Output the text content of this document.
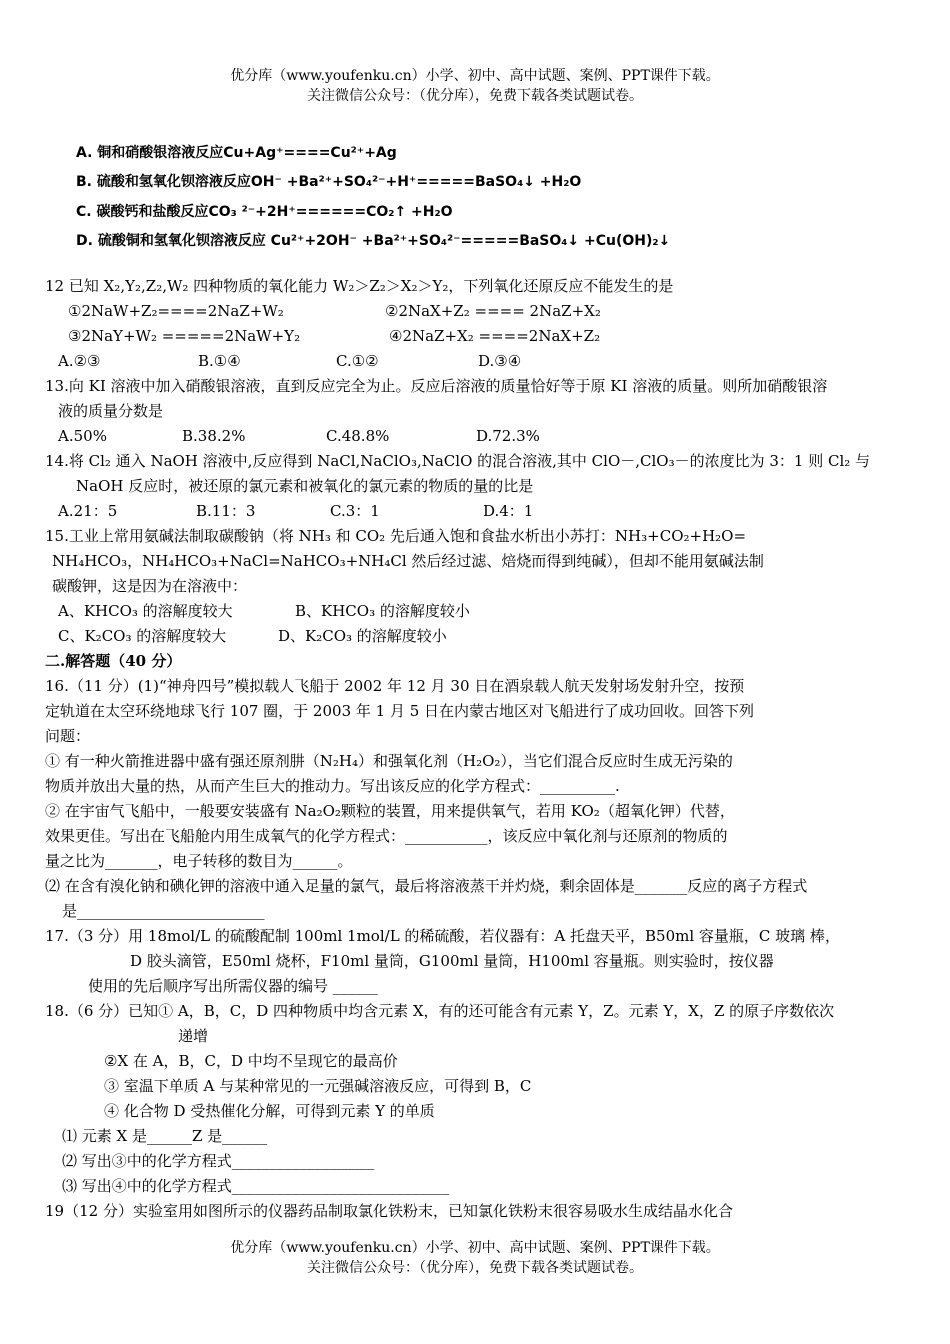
优分库（www.youfenku.cn）小学、初中、高中试题、案例、PPT课件下载。
关注微信公众号：（优分库），免费下载各类试题试卷。
A. 铜和硝酸银溶液反应Cu+Ag⁺====Cu²⁺+Ag
B. 硫酸和氢氧化钡溶液反应OH⁻ +Ba²⁺+SO₄²⁻+H⁺=====BaSO₄↓ +H₂O
C. 碳酸钙和盐酸反应CO₃ ²⁻+2H⁺======CO₂↑ +H₂O
D. 硫酸铜和氢氧化钡溶液反应 Cu²⁺+2OH⁻ +Ba²⁺+SO₄²⁻=====BaSO₄↓ +Cu(OH)₂↓
12 已知 X₂,Y₂,Z₂,W₂ 四种物质的氧化能力 W₂＞Z₂＞X₂＞Y₂，下列氧化还原反应不能发生的是
①2NaW+Z₂====2NaZ+W₂	②2NaX+Z₂ ==== 2NaZ+X₂
③2NaY+W₂ =====2NaW+Y₂	④2NaZ+X₂ ====2NaX+Z₂
A.②③	B.①④	C.①②	D.③④
13.向 KI 溶液中加入硝酸银溶液，直到反应完全为止。反应后溶液的质量恰好等于原 KI 溶液的质量。则所加硝酸银溶
液的质量分数是
A.50%	B.38.2%	C.48.8%	D.72.3%
14.将 Cl₂ 通入 NaOH 溶液中,反应得到 NaCl,NaClO₃,NaClO 的混合溶液,其中 ClO－,ClO₃－的浓度比为 3：1 则 Cl₂ 与
NaOH 反应时，被还原的氯元素和被氧化的氯元素的物质的量的比是
A.21：5	B.11：3	C.3：1	D.4：1
15.工业上常用氨碱法制取碳酸钠（将 NH₃ 和 CO₂ 先后通入饱和食盐水析出小苏打：NH₃+CO₂+H₂O=
NH₄HCO₃，NH₄HCO₃+NaCl=NaHCO₃+NH₄Cl 然后经过滤、焙烧而得到纯碱），但却不能用氨碱法制
碳酸钾，这是因为在溶液中：
A、KHCO₃ 的溶解度较大	B、KHCO₃ 的溶解度较小
C、K₂CO₃ 的溶解度较大	D、K₂CO₃ 的溶解度较小
二.解答题（40 分）
16.（11 分）(1)“神舟四号”模拟载人飞船于 2002 年 12 月 30 日在酒泉载人航天发射场发射升空，按预
定轨道在太空环绕地球飞行 107 圈，于 2003 年 1 月 5 日在内蒙古地区对飞船进行了成功回收。回答下列
问题：
① 有一种火箭推进器中盛有强还原剂肼（N₂H₄）和强氧化剂（H₂O₂），当它们混合反应时生成无污染的
物质并放出大量的热，从而产生巨大的推动力。写出该反应的化学方程式：__________.
② 在宇宙气飞船中，一般要安装盛有 Na₂O₂颗粒的装置，用来提供氧气，若用 KO₂（超氧化钾）代替，
效果更佳。写出在飞船舱内用生成氧气的化学方程式：___________，该反应中氧化剂与还原剂的物质的
量之比为_______，电子转移的数目为______。
⑵ 在含有溴化钠和碘化钾的溶液中通入足量的氯气，最后将溶液蒸干并灼烧，剩余固体是_______反应的离子方程式
是_________________________
17.（3 分）用 18mol/L 的硫酸配制 100ml 1mol/L 的稀硫酸，若仪器有：A 托盘天平，B50ml 容量瓶，C 玻璃 棒，
D 胶头滴管，E50ml 烧杯，F10ml 量筒，G100ml 量筒，H100ml 容量瓶。则实验时，按仪器
使用的先后顺序写出所需仪器的编号 ______
18.（6 分）已知① A，B，C，D 四种物质中均含元素 X，有的还可能含有元素 Y，Z。元素 Y，X，Z 的原子序数依次
递增
②X 在 A，B，C，D 中均不呈现它的最高价
③ 室温下单质 A 与某种常见的一元强碱溶液反应，可得到 B，C
④ 化合物 D 受热催化分解，可得到元素 Y 的单质
⑴ 元素 X 是______Z 是______
⑵ 写出③中的化学方程式___________________
⑶ 写出④中的化学方程式_____________________________
19（12 分）实验室用如图所示的仪器药品制取氯化铁粉末，已知氯化铁粉末很容易吸水生成结晶水化合
优分库（www.youfenku.cn）小学、初中、高中试题、案例、PPT课件下载。
关注微信公众号：（优分库），免费下载各类试题试卷。
